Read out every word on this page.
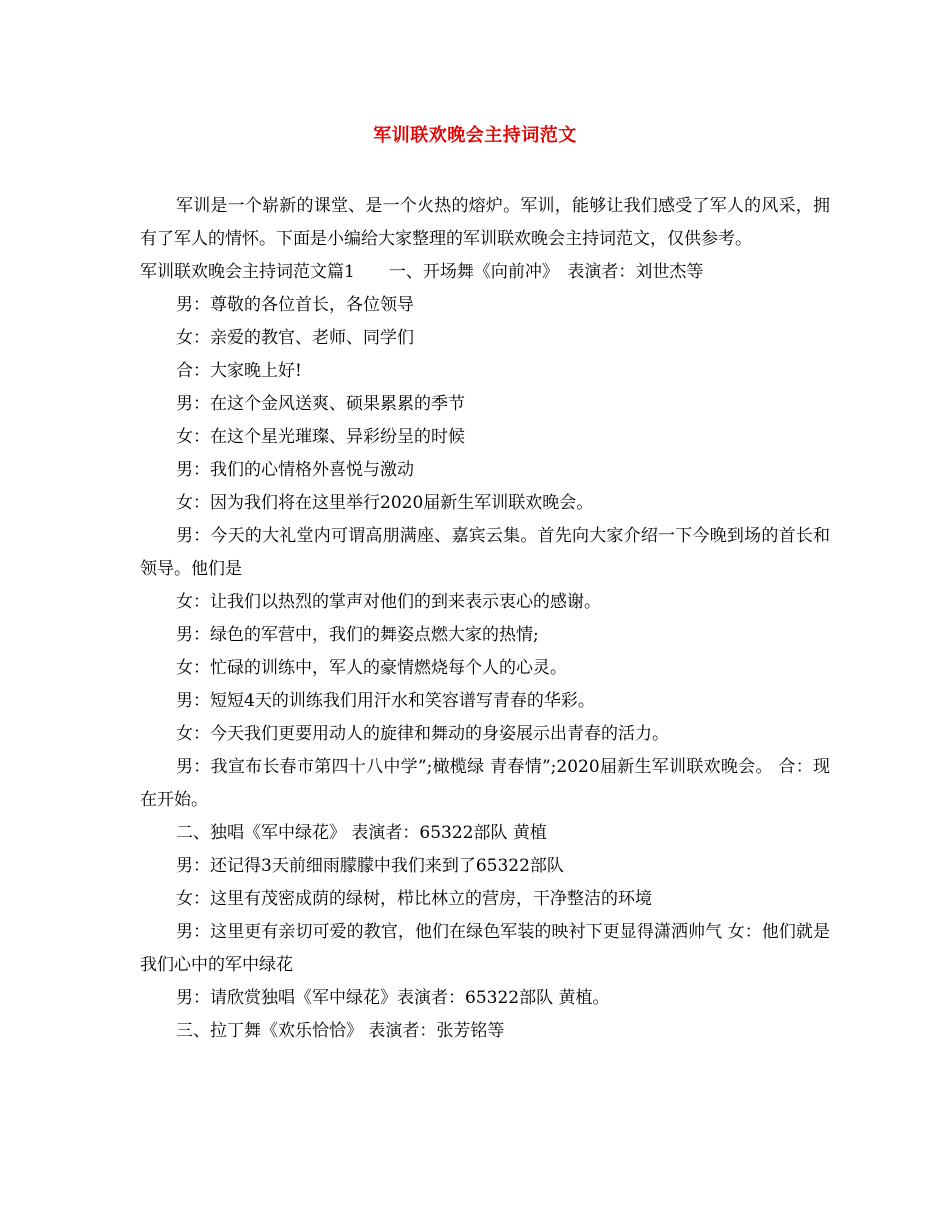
军训联欢晚会主持词范文

军训是一个崭新的课堂、是一个火热的熔炉。军训，能够让我们感受了军人的风采，拥有了军人的情怀。下面是小编给大家整理的军训联欢晚会主持词范文，仅供参考。

军训联欢晚会主持词范文篇1　　一、开场舞《向前冲》　表演者：刘世杰等

男：尊敬的各位首长，各位领导

女：亲爱的教官、老师、同学们

合：大家晚上好!

男：在这个金风送爽、硕果累累的季节

女：在这个星光璀璨、异彩纷呈的时候

男：我们的心情格外喜悦与激动

女：因为我们将在这里举行2020届新生军训联欢晚会。

男：今天的大礼堂内可谓高朋满座、嘉宾云集。首先向大家介绍一下今晚到场的首长和领导。他们是

女：让我们以热烈的掌声对他们的到来表示衷心的感谢。

男：绿色的军营中，我们的舞姿点燃大家的热情;

女：忙碌的训练中，军人的豪情燃烧每个人的心灵。

男：短短4天的训练我们用汗水和笑容谱写青春的华彩。

女：今天我们更要用动人的旋律和舞动的身姿展示出青春的活力。

男：我宣布长春市第四十八中学”;橄榄绿 青春情”;2020届新生军训联欢晚会。 合：现在开始。

二、独唱《军中绿花》 表演者：65322部队 黄植

男：还记得3天前细雨朦朦中我们来到了65322部队

女：这里有茂密成荫的绿树，栉比林立的营房，干净整洁的环境

男：这里更有亲切可爱的教官，他们在绿色军装的映衬下更显得潇洒帅气 女：他们就是我们心中的军中绿花

男：请欣赏独唱《军中绿花》表演者：65322部队 黄植。

三、拉丁舞《欢乐恰恰》 表演者：张芳铭等
